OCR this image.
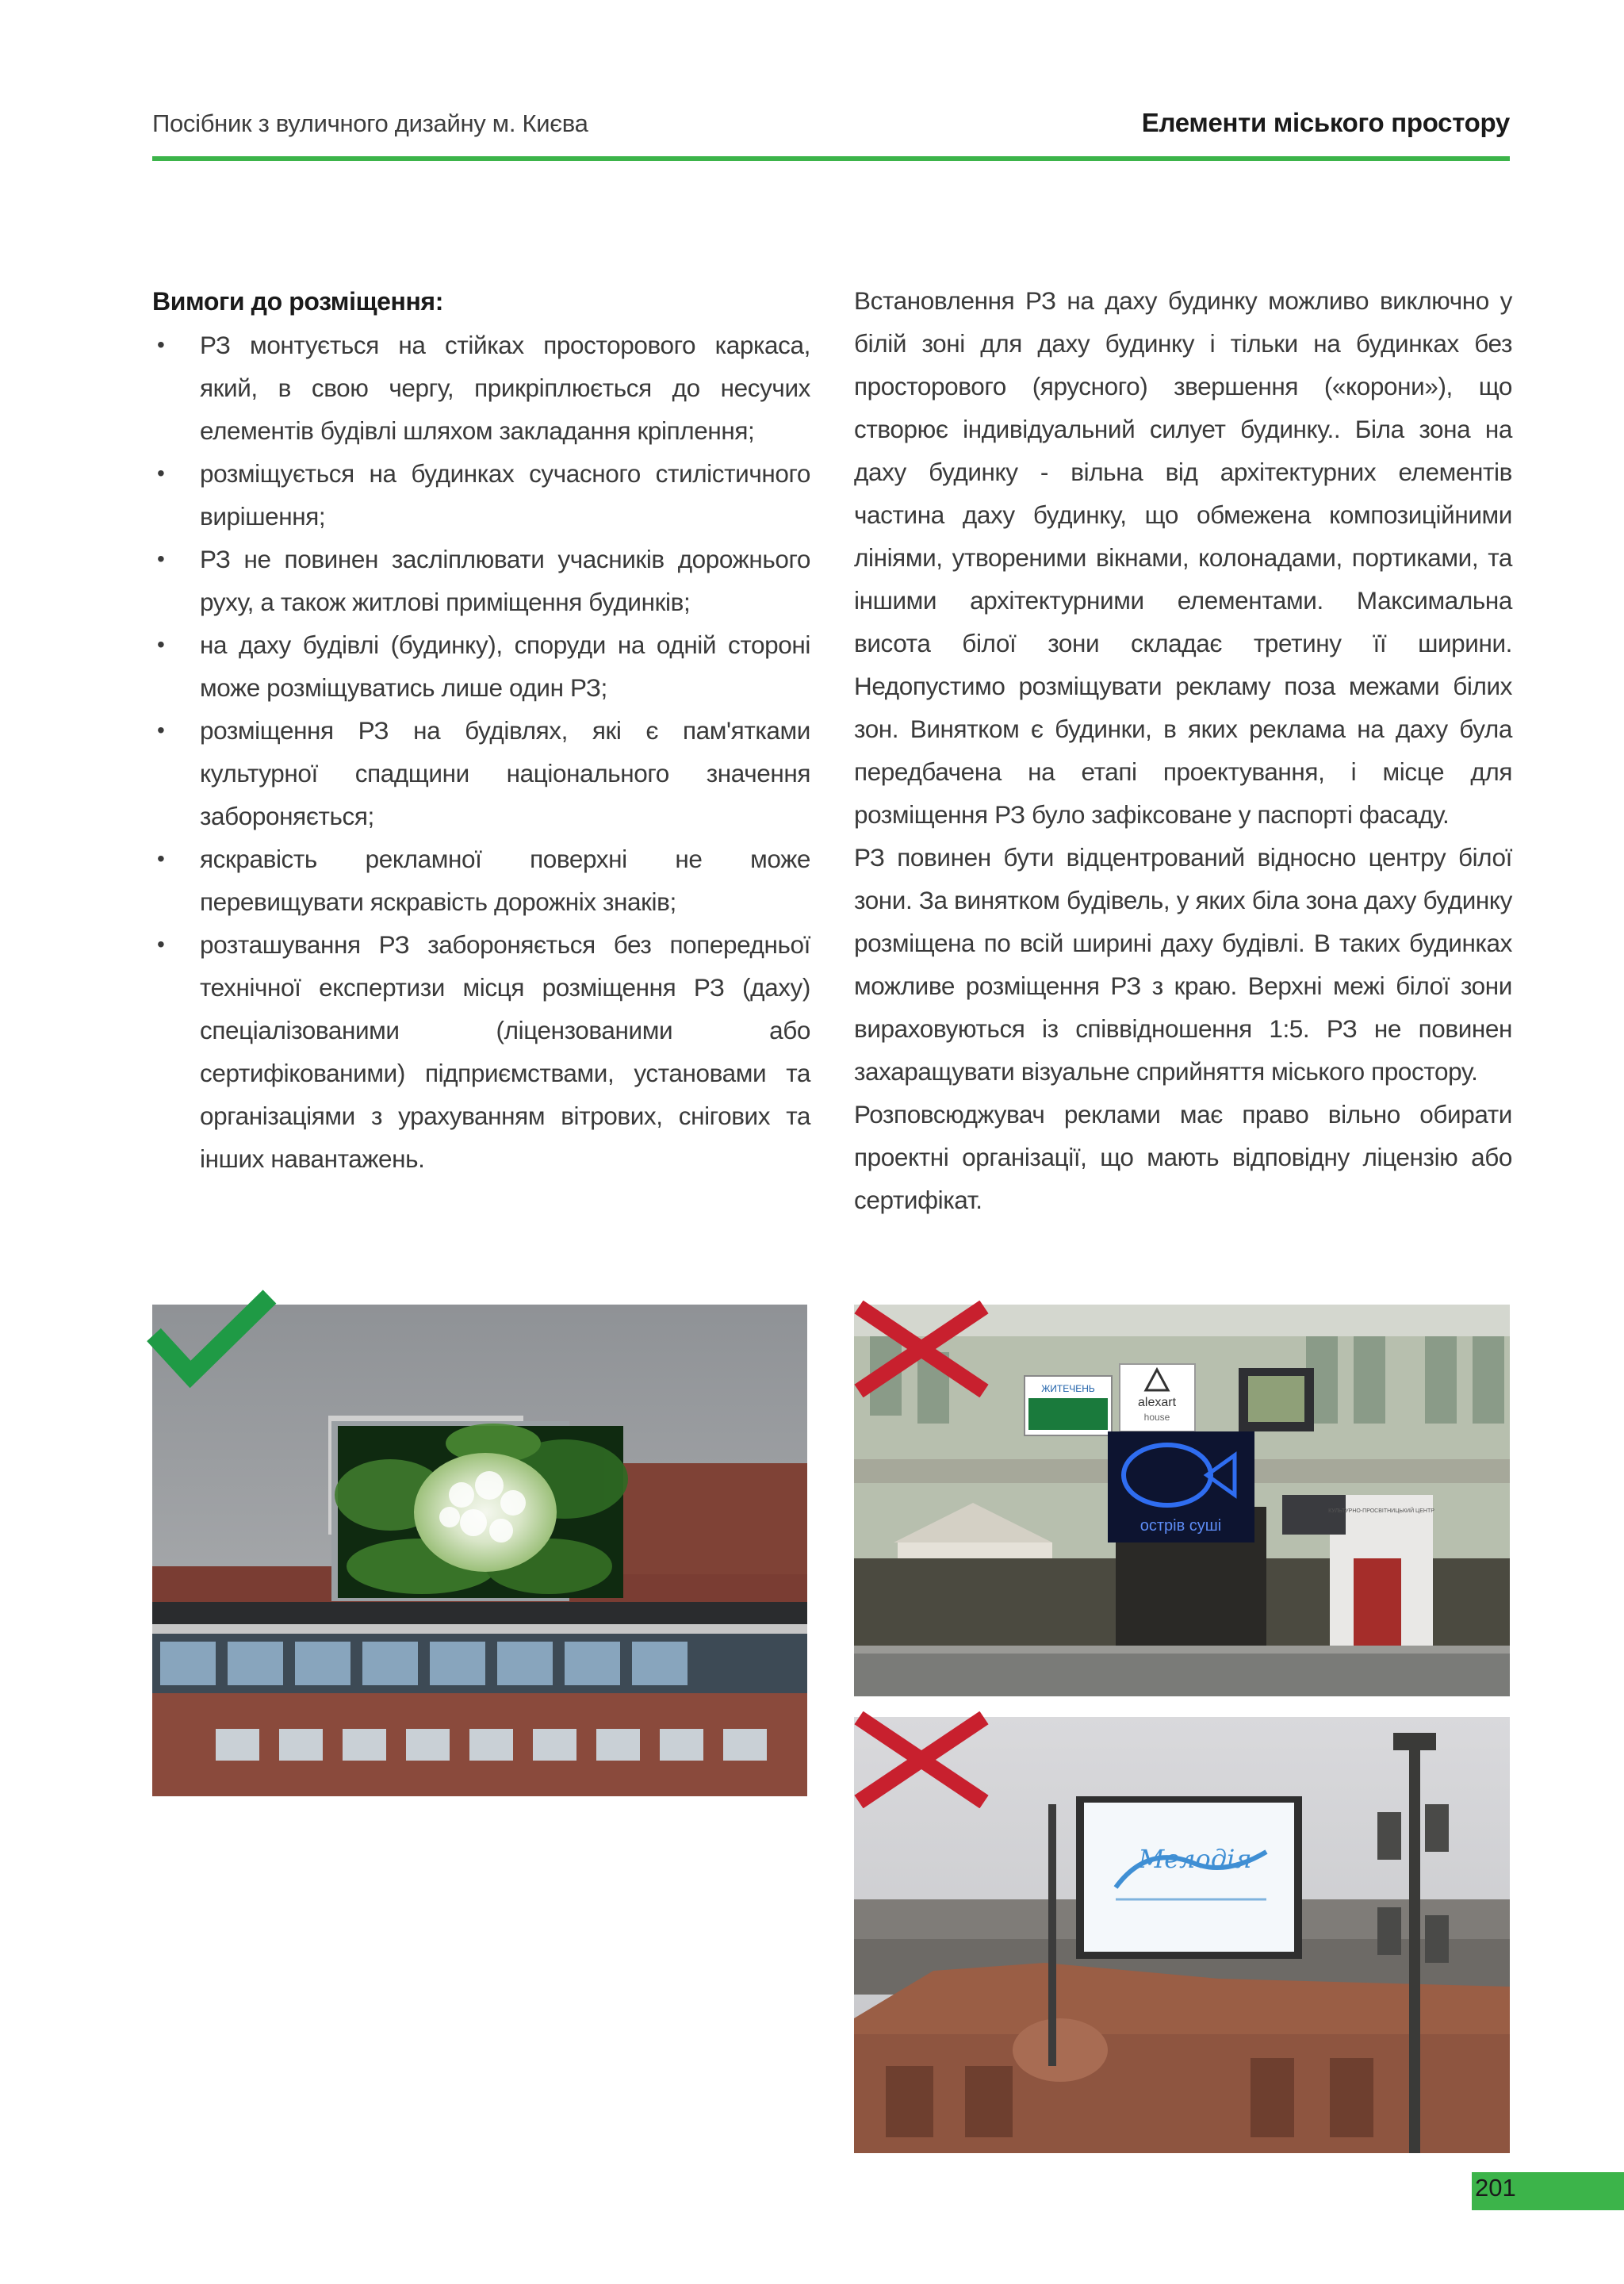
Посібник з вуличного дизайну м. Києва	Елементи міського простору

Вимоги до розміщення:

• РЗ монтується на стійках просторового каркаса, який, в свою чергу, прикріплюється до несучих елементів будівлі шляхом закладання кріплення;
• розміщується на будинках сучасного стилістичного вирішення;
• РЗ не повинен засліплювати учасників дорожнього руху, а також житлові приміщення будинків;
• на даху будівлі (будинку), споруди на одній стороні може розміщуватись лише один РЗ;
• розміщення РЗ на будівлях, які є пам'ятками культурної спадщини національного значення забороняється;
• яскравість рекламної поверхні не може перевищувати яскравість дорожніх знаків;
• розташування РЗ забороняється без попередньої технічної експертизи місця розміщення РЗ (даху) спеціалізованими (ліцензованими або сертифікованими) підприємствами, установами та організаціями з урахуванням вітрових, снігових та інших навантажень.

Встановлення РЗ на даху будинку можливо виключно у білій зоні для даху будинку і тільки на будинках без просторового (ярусного) звершення («корони»), що створює індивідуальний силует будинку.. Біла зона на даху будинку - вільна від архітектурних елементів частина даху будинку, що обмежена композиційними лініями, утвореними вікнами, колонадами, портиками, та іншими архітектурними елементами. Максимальна висота білої зони складає третину її ширини. Недопустимо розміщувати рекламу поза межами білих зон. Винятком є будинки, в яких реклама на даху була передбачена на етапі проектування, і місце для розміщення РЗ було зафіксоване у паспорті фасаду.

РЗ повинен бути відцентрований відносно центру білої зони. За винятком будівель, у яких біла зона даху будинку розміщена по всій ширині даху будівлі. В таких будинках можливе розміщення РЗ з краю. Верхні межі білої зони вираховуються із співвідношення 1:5. РЗ не повинен захаращувати візуальне сприйняття міського простору.

Розповсюджувач реклами має право вільно обирати проектні організації, що мають відповідну ліцензію або сертифікат.

ЖИТЕЧЕНЬ
alexart
house
острів суші
КУЛЬТУРНО-ПРОСВІТНИЦЬКИЙ ЦЕНТР
Мелодія
201
